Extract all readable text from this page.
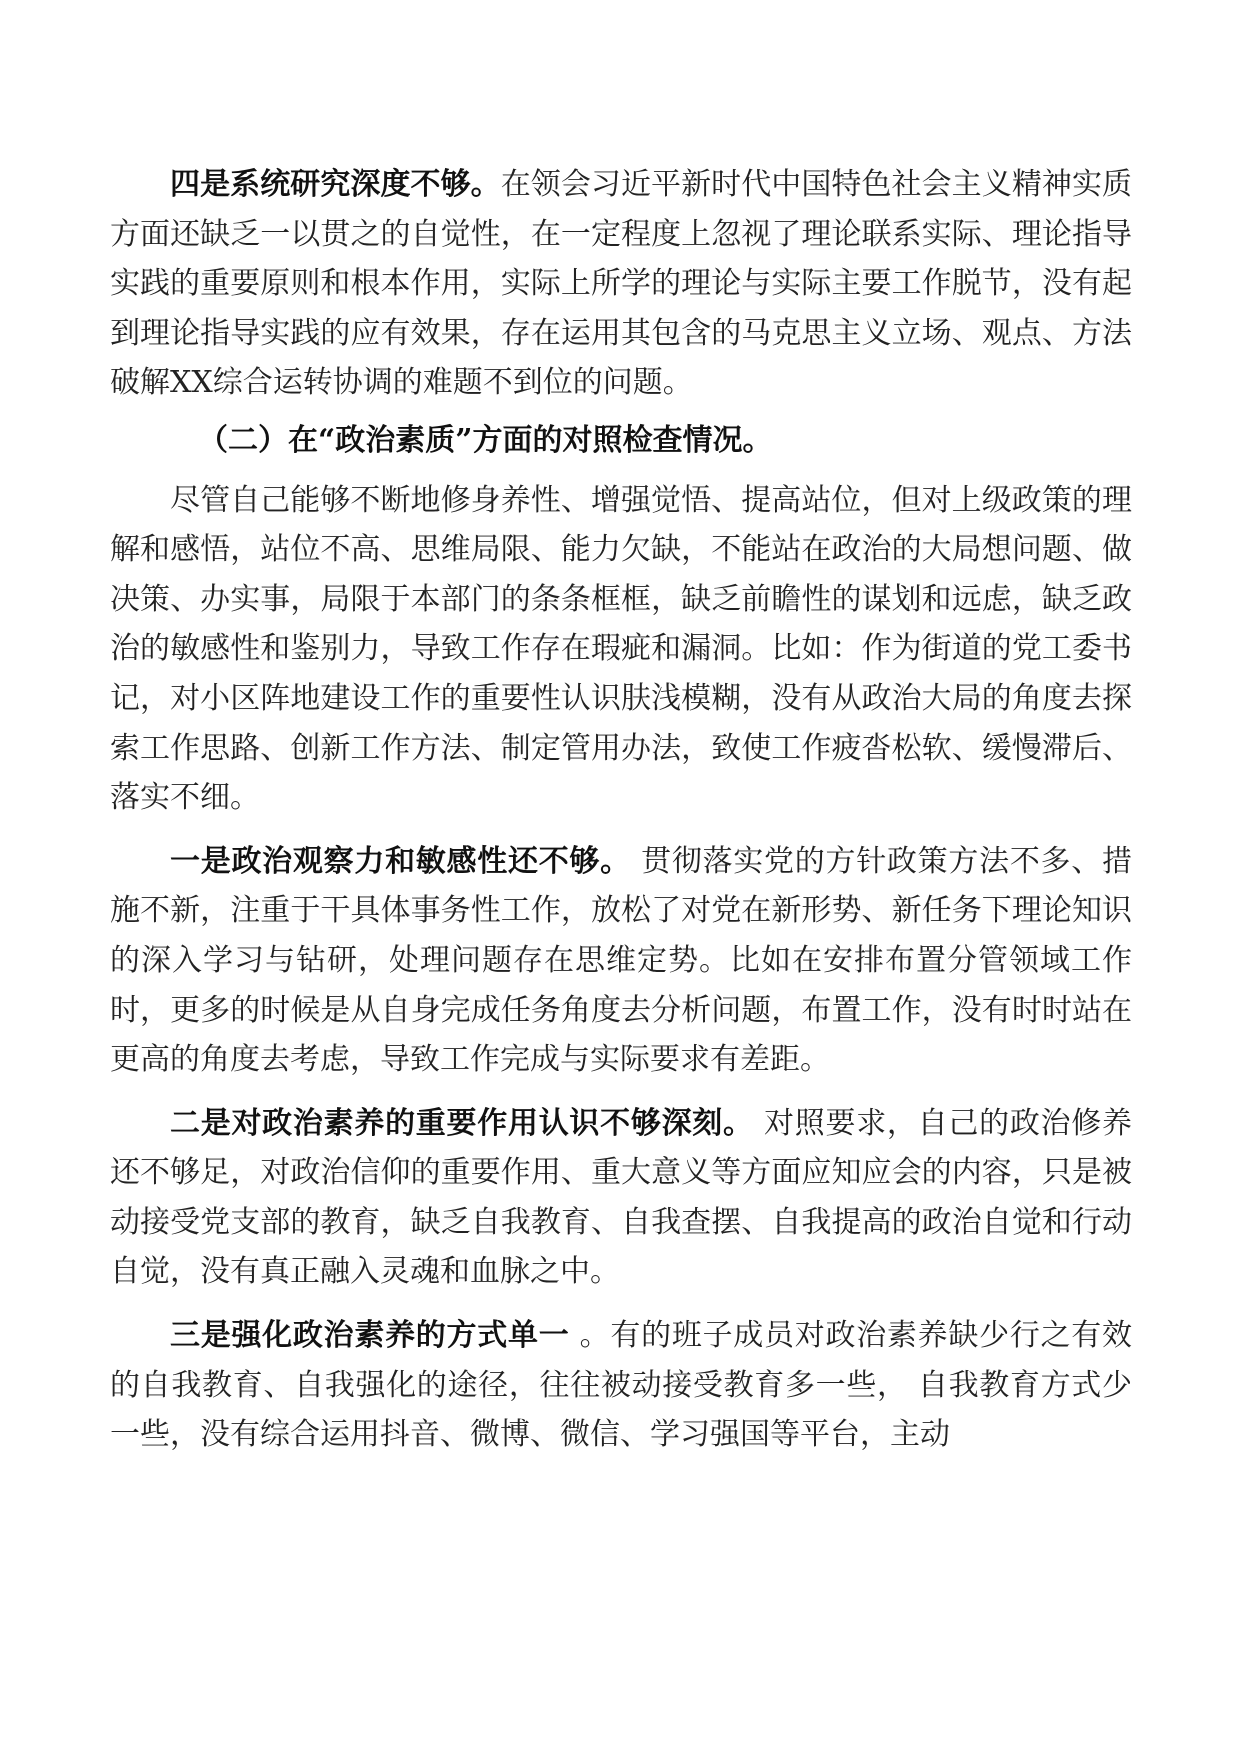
四是系统研究深度不够。在领会习近平新时代中国特色社会主义精神实质方面还缺乏一以贯之的自觉性，在一定程度上忽视了理论联系实际、理论指导实践的重要原则和根本作用，实际上所学的理论与实际主要工作脱节，没有起到理论指导实践的应有效果，存在运用其包含的马克思主义立场、观点、方法破解XX综合运转协调的难题不到位的问题。

（二）在“政治素质”方面的对照检查情况。

尽管自己能够不断地修身养性、增强觉悟、提高站位，但对上级政策的理解和感悟，站位不高、思维局限、能力欠缺，不能站在政治的大局想问题、做决策、办实事，局限于本部门的条条框框，缺乏前瞻性的谋划和远虑，缺乏政治的敏感性和鉴别力，导致工作存在瑕疵和漏洞。比如：作为街道的党工委书记，对小区阵地建设工作的重要性认识肤浅模糊，没有从政治大局的角度去探索工作思路、创新工作方法、制定管用办法，致使工作疲沓松软、缓慢滞后、落实不细。

一是政治观察力和敏感性还不够。 贯彻落实党的方针政策方法不多、措施不新，注重于干具体事务性工作，放松了对党在新形势、新任务下理论知识的深入学习与钻研，处理问题存在思维定势。比如在安排布置分管领域工作时，更多的时候是从自身完成任务角度去分析问题，布置工作，没有时时站在更高的角度去考虑，导致工作完成与实际要求有差距。

二是对政治素养的重要作用认识不够深刻。 对照要求，自己的政治修养还不够足，对政治信仰的重要作用、重大意义等方面应知应会的内容，只是被动接受党支部的教育，缺乏自我教育、自我查摆、自我提高的政治自觉和行动自觉，没有真正融入灵魂和血脉之中。

三是强化政治素养的方式单一 。有的班子成员对政治素养缺少行之有效的自我教育、自我强化的途径，往往被动接受教育多一些， 自我教育方式少一些，没有综合运用抖音、微博、微信、学习强国等平台，主动
